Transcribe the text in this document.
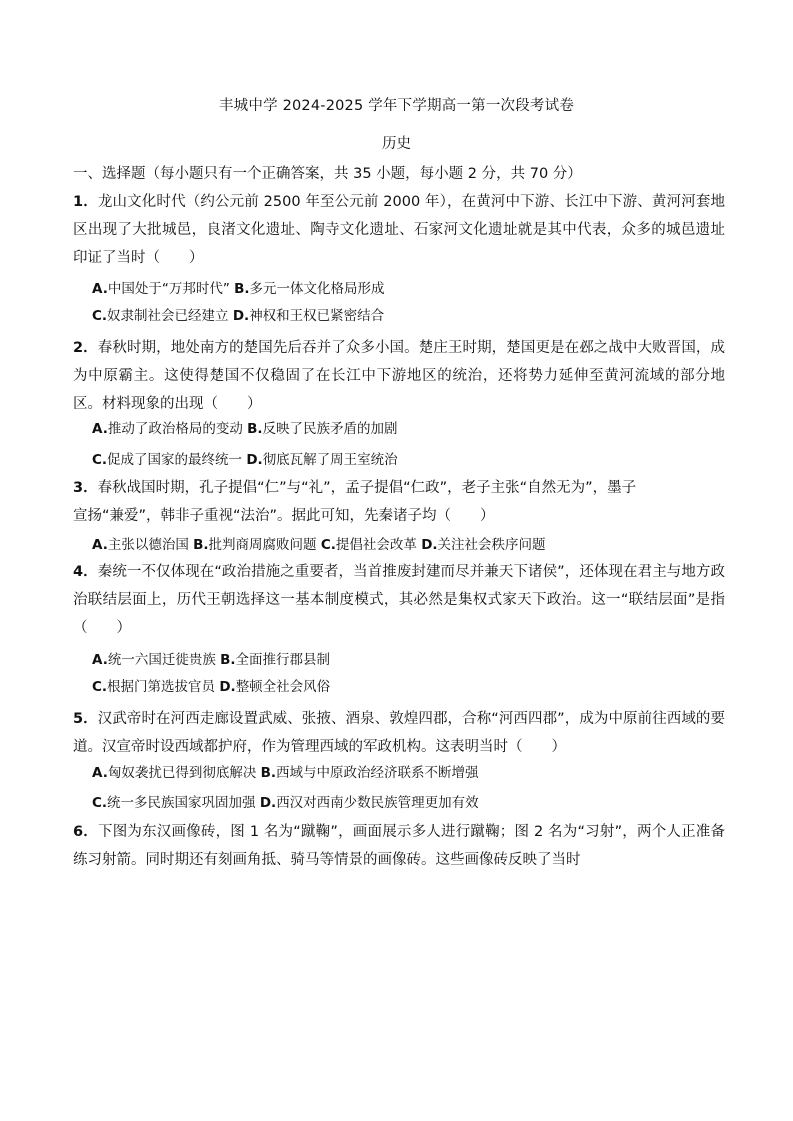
丰城中学 2024-2025 学年下学期高一第一次段考试卷
历史
一、选择题（每小题只有一个正确答案，共 35 小题，每小题 2 分，共 70 分）
1．龙山文化时代（约公元前 2500 年至公元前 2000 年），在黄河中下游、长江中下游、黄河河套地区出现了大批城邑，良渚文化遗址、陶寺文化遗址、石家河文化遗址就是其中代表，众多的城邑遗址印证了当时（　　）
A.中国处于“万邦时代” B.多元一体文化格局形成
C.奴隶制社会已经建立 D.神权和王权已紧密结合
2．春秋时期，地处南方的楚国先后吞并了众多小国。楚庄王时期，楚国更是在邲之战中大败晋国，成为中原霸主。这使得楚国不仅稳固了在长江中下游地区的统治，还将势力延伸至黄河流域的部分地区。材料现象的出现（　　）
A.推动了政治格局的变动 B.反映了民族矛盾的加剧
C.促成了国家的最终统一 D.彻底瓦解了周王室统治
3．春秋战国时期，孔子提倡“仁”与“礼”，孟子提倡“仁政”，老子主张“自然无为”，墨子
宣扬“兼爱”，韩非子重视“法治”。据此可知，先秦诸子均（　　）
A.主张以德治国 B.批判商周腐败问题 C.提倡社会改革 D.关注社会秩序问题
4．秦统一不仅体现在“政治措施之重要者，当首推废封建而尽并兼天下诸侯”，还体现在君主与地方政治联结层面上，历代王朝选择这一基本制度模式，其必然是集权式家天下政治。这一“联结层面”是指（　　）
A.统一六国迁徙贵族 B.全面推行郡县制
C.根据门第选拔官员 D.整顿全社会风俗
5．汉武帝时在河西走廊设置武威、张掖、酒泉、敦煌四郡，合称“河西四郡”，成为中原前往西域的要道。汉宣帝时设西域都护府，作为管理西域的军政机构。这表明当时（　　）
A.匈奴袭扰已得到彻底解决 B.西域与中原政治经济联系不断增强
C.统一多民族国家巩固加强 D.西汉对西南少数民族管理更加有效
6．下图为东汉画像砖，图 1 名为“蹴鞠”，画面展示多人进行蹴鞠；图 2 名为“习射”，两个人正准备练习射箭。同时期还有刻画角抵、骑马等情景的画像砖。这些画像砖反映了当时
